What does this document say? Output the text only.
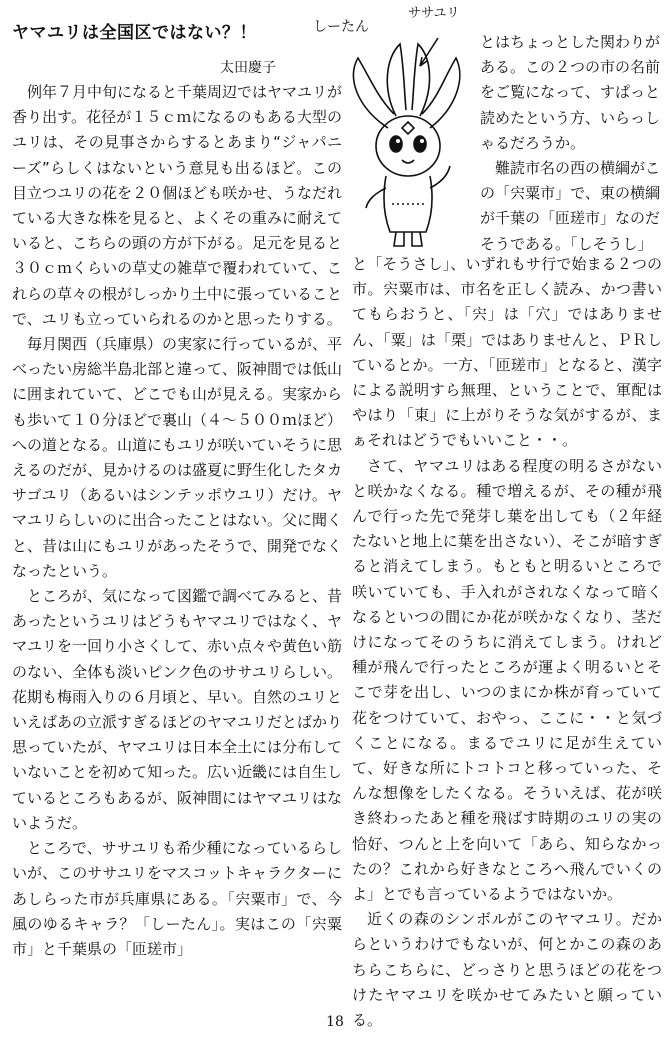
ヤマユリは全国区ではない？！
太田慶子

例年７月中旬になると千葉周辺ではヤマユリが香り出す。花径が１５ｃｍになるのもある大型のユリは、その見事さからするとあまり“ジャパニーズ”らしくはないという意見も出るほど。この目立つユリの花を２０個ほども咲かせ、うなだれている大きな株を見ると、よくその重みに耐えていると、こちらの頭の方が下がる。足元を見ると３０ｃｍくらいの草丈の雑草で覆われていて、これらの草々の根がしっかり土中に張っていることで、ユリも立っていられるのかと思ったりする。

毎月関西（兵庫県）の実家に行っているが、平べったい房総半島北部と違って、阪神間では低山に囲まれていて、どこでも山が見える。実家からも歩いて１０分ほどで裏山（４～５００ｍほど）への道となる。山道にもユリが咲いていそうに思えるのだが、見かけるのは盛夏に野生化したタカサゴユリ（あるいはシンテッポウユリ）だけ。ヤマユリらしいのに出合ったことはない。父に聞くと、昔は山にもユリがあったそうで、開発でなくなったという。

ところが、気になって図鑑で調べてみると、昔あったというユリはどうもヤマユリではなく、ヤマユリを一回り小さくして、赤い点々や黄色い筋のない、全体も淡いピンク色のササユリらしい。花期も梅雨入りの６月頃と、早い。自然のユリといえばあの立派すぎるほどのヤマユリだとばかり思っていたが、ヤマユリは日本全土には分布していないことを初めて知った。広い近畿には自生しているところもあるが、阪神間にはヤマユリはないようだ。

ところで、ササユリも希少種になっているらしいが、このササユリをマスコットキャラクターにあしらった市が兵庫県にある。「宍粟市」で、今風のゆるキャラ？「しーたん」。実はこの「宍粟市」と千葉県の「匝瑳市」

しーたん
ササユリ

とはちょっとした関わりがある。この２つの市の名前をご覧になって、すぱっと読めたという方、いらっしゃるだろうか。

難読市名の西の横綱がこの「宍粟市」で、東の横綱が千葉の「匝瑳市」なのだそうである。「しそうし」

と「そうさし」、いずれもサ行で始まる２つの市。宍粟市は、市名を正しく読み、かつ書いてもらおうと、「宍」は「穴」ではありません、「粟」は「栗」ではありませんと、ＰＲしているとか。一方、「匝瑳市」となると、漢字による説明すら無理、ということで、軍配はやはり「東」に上がりそうな気がするが、まぁそれはどうでもいいこと・・。

さて、ヤマユリはある程度の明るさがないと咲かなくなる。種で増えるが、その種が飛んで行った先で発芽し葉を出しても（２年経たないと地上に葉を出さない）、そこが暗すぎると消えてしまう。もともと明るいところで咲いていても、手入れがされなくなって暗くなるといつの間にか花が咲かなくなり、茎だけになってそのうちに消えてしまう。けれど種が飛んで行ったところが運よく明るいとそこで芽を出し、いつのまにか株が育っていて花をつけていて、おやっ、ここに・・と気づくことになる。まるでユリに足が生えていて、好きな所にトコトコと移っていった、そんな想像をしたくなる。そういえば、花が咲き終わったあと種を飛ばす時期のユリの実の恰好、つんと上を向いて「あら、知らなかったの？これから好きなところへ飛んでいくのよ」とでも言っているようではないか。

近くの森のシンボルがこのヤマユリ。だからというわけでもないが、何とかこの森のあちらこちらに、どっさりと思うほどの花をつけたヤマユリを咲かせてみたいと願っている。

18
